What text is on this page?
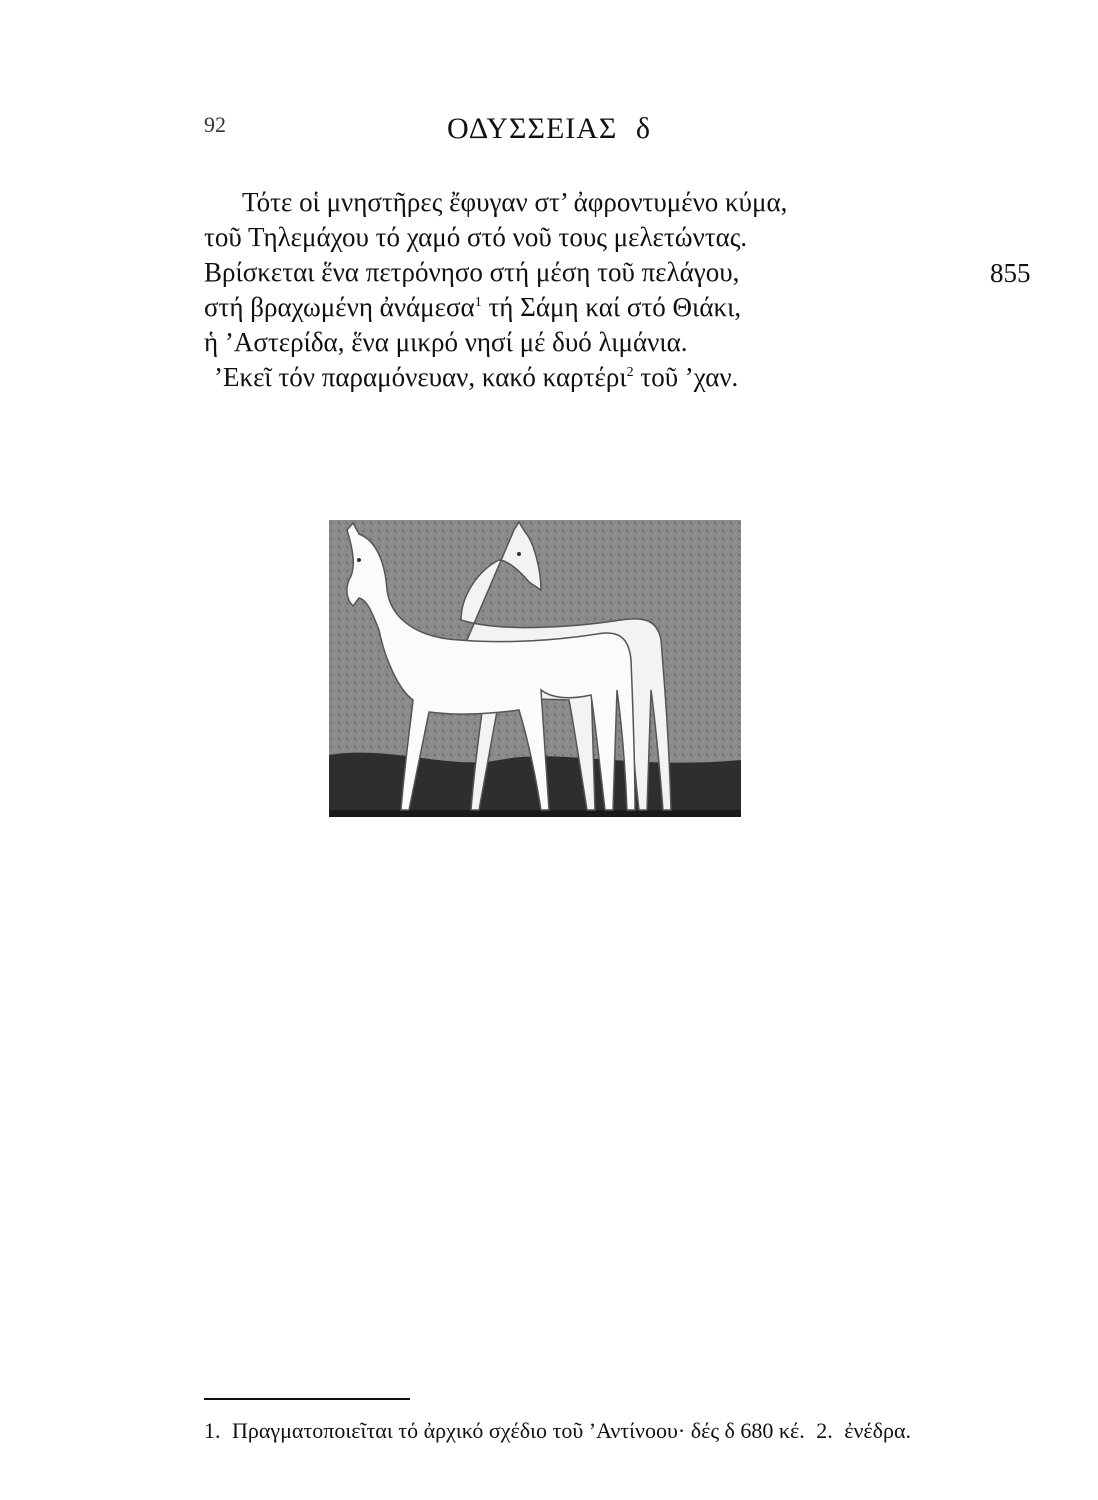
92	ΟΔΥΣΣΕΙΑΣ δ
Τότε οἱ μνηστῆρες ἔφυγαν στ’ ἀφροντυμένο κύμα,
τοῦ Τηλεμάχου τό χαμό στό νοῦ τους μελετώντας.
Βρίσκεται ἕνα πετρόνησο στή μέση τοῦ πελάγου,
στή βραχωμένη ἀνάμεσα$^1$ τή Σάμη καί στό Θιάκι,
ἡ ’Αστερίδα, ἕνα μικρό νησί μέ δυό λιμάνια.
’Εκεῖ τόν παραμόνευαν, κακό καρτέρι$^2$ τοῦ ’χαν.
855
1. Πραγματοποιεῖται τό ἀρχικό σχέδιο τοῦ ’Αντίνοου· δές δ 680 κέ. 2. ἐνέδρα.
